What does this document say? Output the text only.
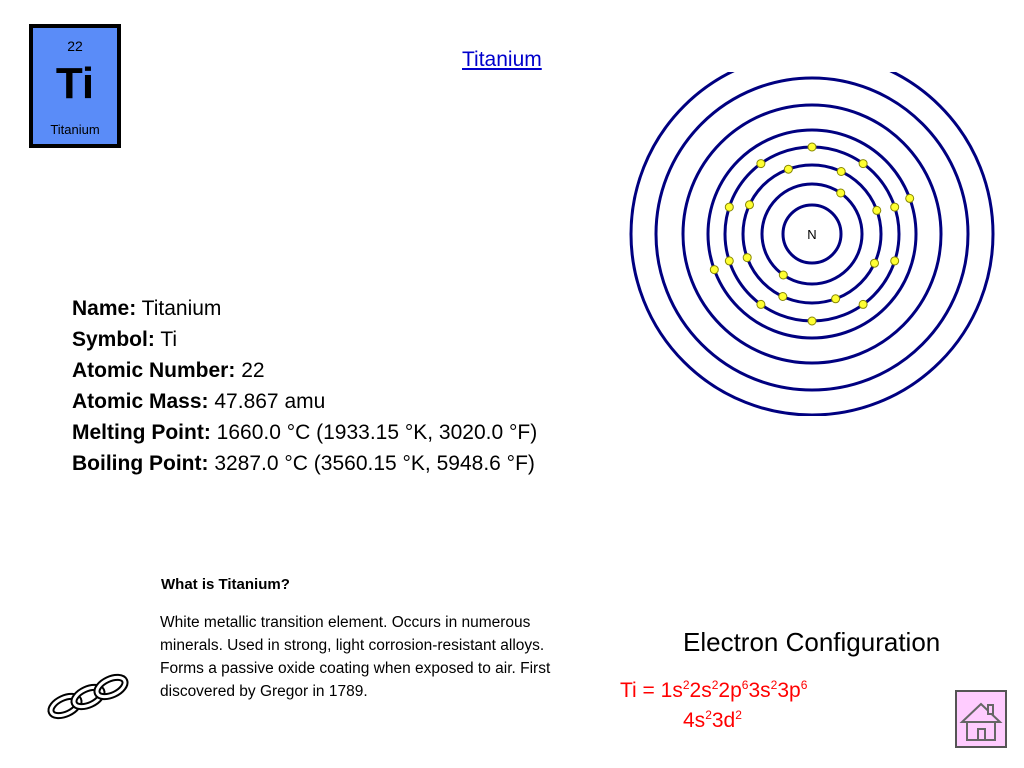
22
Ti
Titanium
Titanium
N
Name: Titanium
Symbol: Ti
Atomic Number: 22
Atomic Mass: 47.867 amu
Melting Point: 1660.0 °C (1933.15 °K, 3020.0 °F)
Boiling Point: 3287.0 °C (3560.15 °K, 5948.6 °F)
What is Titanium?
White metallic transition element. Occurs in numerous minerals. Used in strong, light corrosion-resistant alloys. Forms a passive oxide coating when exposed to air. First discovered by Gregor in 1789.
Electron Configuration
$Ti = 1s^22s^22p^63s^23p^6$
$4s^23d^2$
